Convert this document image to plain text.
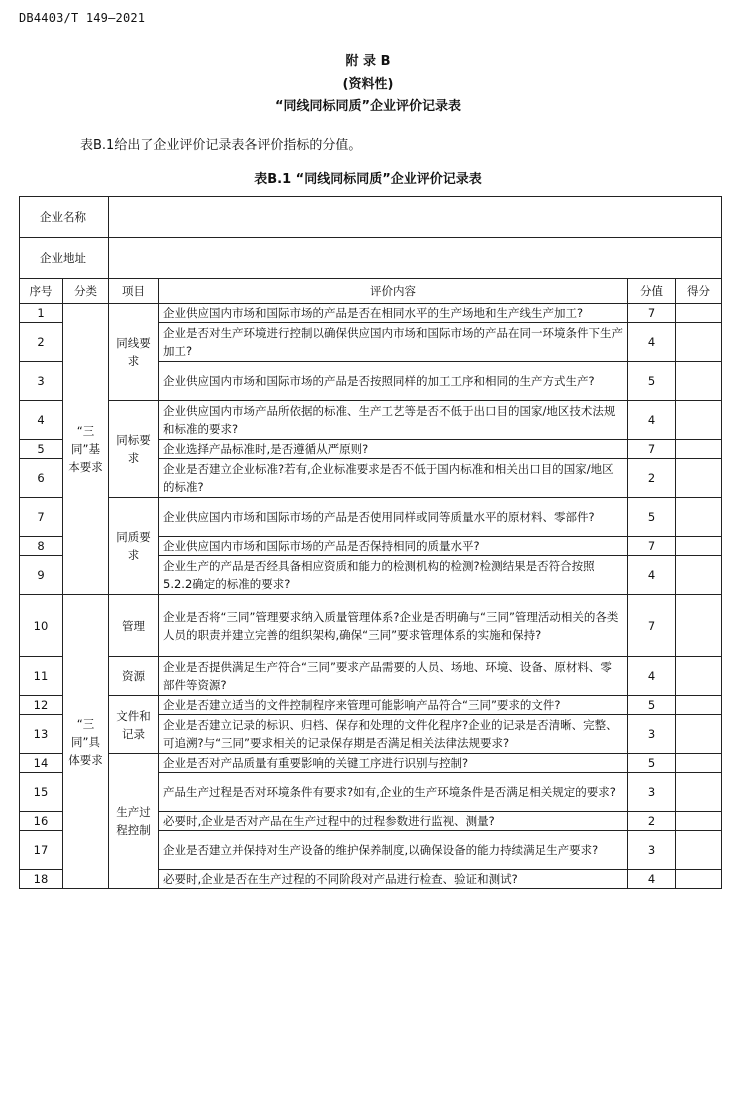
DB4403/T 149—2021
附 录 B
(资料性)
“同线同标同质”企业评价记录表
表B.1给出了企业评价记录表各评价指标的分值。
表B.1 “同线同标同质”企业评价记录表
企业名称					
企业地址					
序号	分类	项目	评价内容	分值	得分
1	“三同”基本要求	同线要求	企业供应国内市场和国际市场的产品是否在相同水平的生产场地和生产线生产加工?	7	
2			企业是否对生产环境进行控制以确保供应国内市场和国际市场的产品在同一环境条件下生产加工?	4	
3			企业供应国内市场和国际市场的产品是否按照同样的加工工序和相同的生产方式生产?	5	
4		同标要求	企业供应国内市场产品所依据的标准、生产工艺等是否不低于出口目的国家/地区技术法规和标准的要求?	4	
5			企业选择产品标准时,是否遵循从严原则?	7	
6			企业是否建立企业标准?若有,企业标准要求是否不低于国内标准和相关出口目的国家/地区的标准?	2	
7		同质要求	企业供应国内市场和国际市场的产品是否使用同样或同等质量水平的原材料、零部件?	5	
8			企业供应国内市场和国际市场的产品是否保持相同的质量水平?	7	
9			企业生产的产品是否经具备相应资质和能力的检测机构的检测?检测结果是否符合按照5.2.2确定的标准的要求?	4	
10	“三同”具体要求	管理	企业是否将“三同”管理要求纳入质量管理体系?企业是否明确与“三同”管理活动相关的各类人员的职责并建立完善的组织架构,确保“三同”要求管理体系的实施和保持?	7	
11		资源	企业是否提供满足生产符合“三同”要求产品需要的人员、场地、环境、设备、原材料、零部件等资源?	4	
12		文件和记录	企业是否建立适当的文件控制程序来管理可能影响产品符合“三同”要求的文件?	5	
13			企业是否建立记录的标识、归档、保存和处理的文件化程序?企业的记录是否清晰、完整、可追溯?与“三同”要求相关的记录保存期是否满足相关法律法规要求?	3	
14		生产过程控制	企业是否对产品质量有重要影响的关键工序进行识别与控制?	5	
15			产品生产过程是否对环境条件有要求?如有,企业的生产环境条件是否满足相关规定的要求?	3	
16			必要时,企业是否对产品在生产过程中的过程参数进行监视、测量?	2	
17			企业是否建立并保持对生产设备的维护保养制度,以确保设备的能力持续满足生产要求?	3	
18			必要时,企业是否在生产过程的不同阶段对产品进行检查、验证和测试?	4	
